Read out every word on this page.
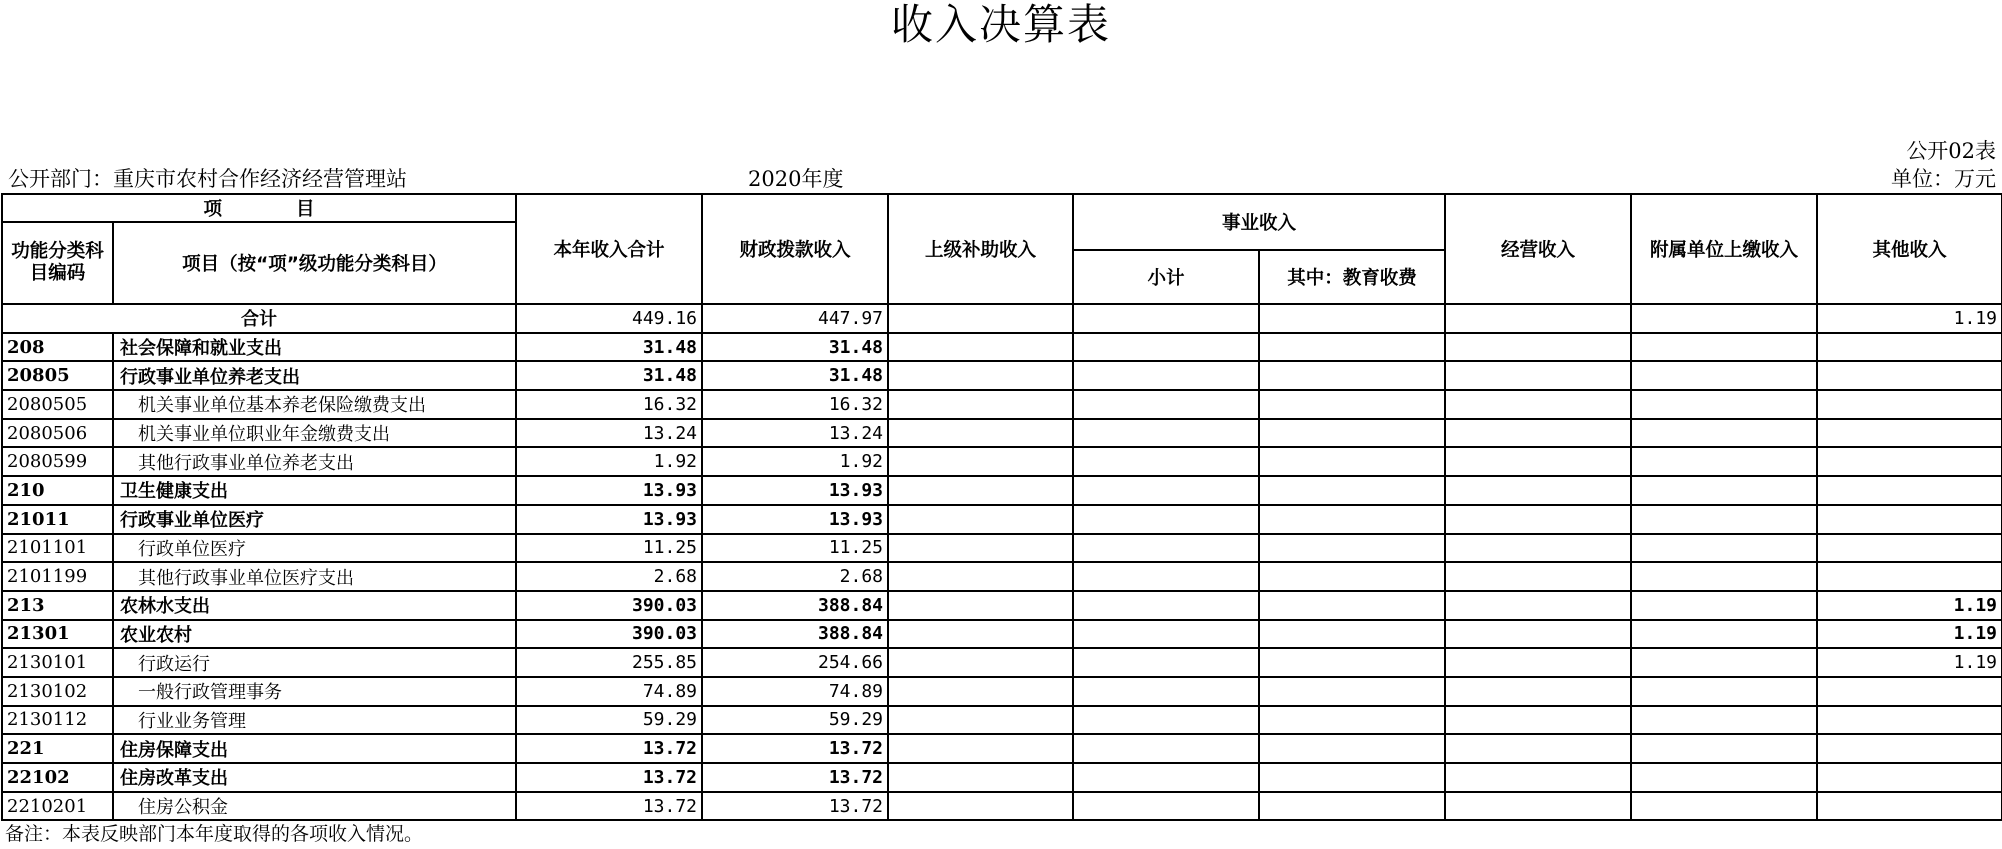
收入决算表
公开02表
公开部门：重庆市农村合作经济经营管理站	2020年度	单位：万元
项　　　　目		本年收入合计	财政拨款收入	上级补助收入	事业收入		经营收入	附属单位上缴收入	其他收入
功能分类科目编码	项目（按“项”级功能分类科目）								
					小计	其中：教育收费			
合计		449.16	447.97						1.19
208	社会保障和就业支出	31.48	31.48						
20805	行政事业单位养老支出	31.48	31.48						
2080505	机关事业单位基本养老保险缴费支出	16.32	16.32						
2080506	机关事业单位职业年金缴费支出	13.24	13.24						
2080599	其他行政事业单位养老支出	1.92	1.92						
210	卫生健康支出	13.93	13.93						
21011	行政事业单位医疗	13.93	13.93						
2101101	行政单位医疗	11.25	11.25						
2101199	其他行政事业单位医疗支出	2.68	2.68						
213	农林水支出	390.03	388.84						1.19
21301	农业农村	390.03	388.84						1.19
2130101	行政运行	255.85	254.66						1.19
2130102	一般行政管理事务	74.89	74.89						
2130112	行业业务管理	59.29	59.29						
221	住房保障支出	13.72	13.72						
22102	住房改革支出	13.72	13.72						
2210201	住房公积金	13.72	13.72						
备注：本表反映部门本年度取得的各项收入情况。
